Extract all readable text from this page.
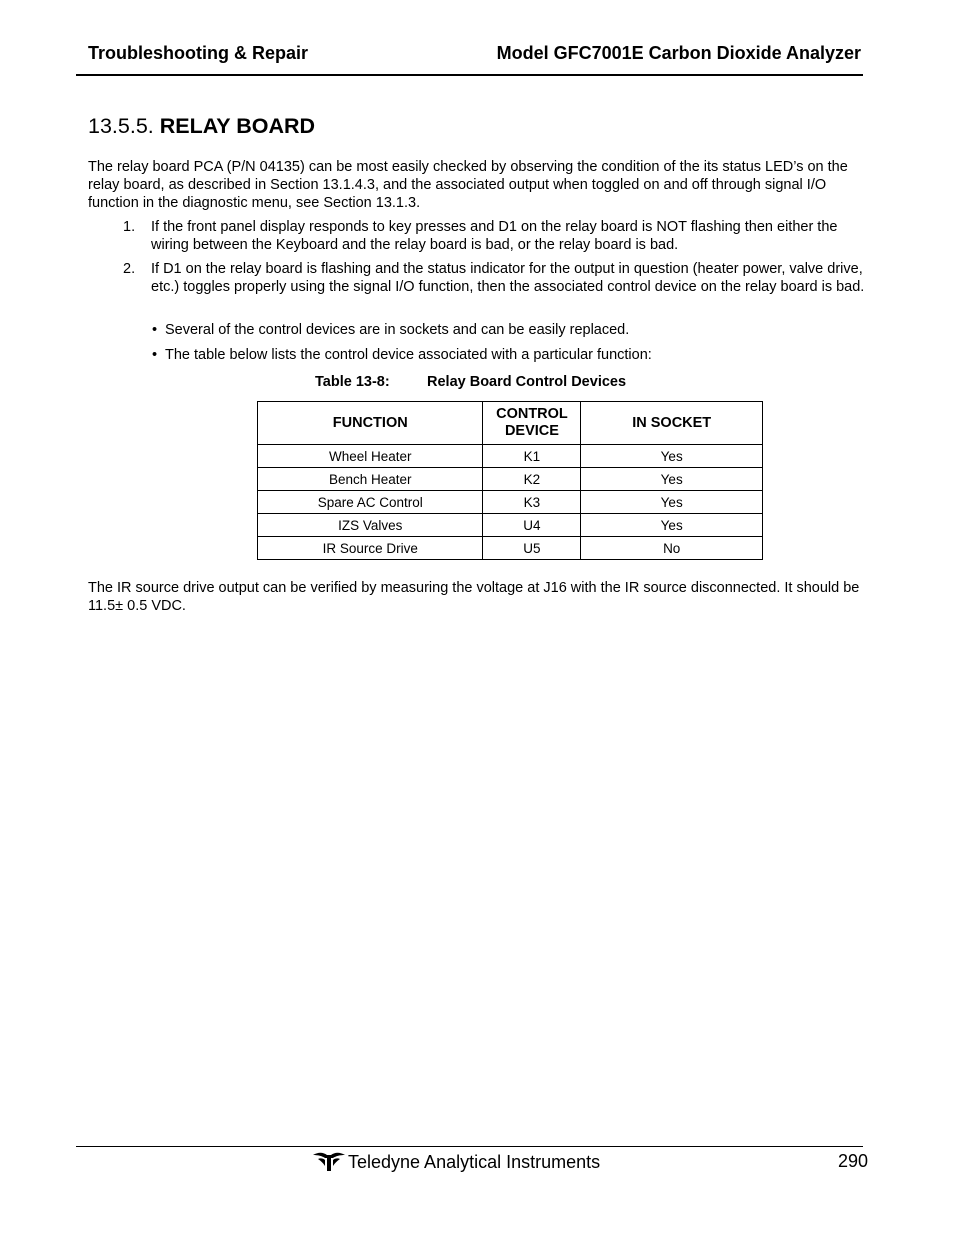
Troubleshooting & Repair	Model GFC7001E Carbon Dioxide Analyzer
13.5.5. RELAY BOARD
The relay board PCA (P/N 04135) can be most easily checked by observing the condition of the its status LED’s on the relay board, as described in Section 13.1.4.3, and the associated output when toggled on and off through signal I/O function in the diagnostic menu, see Section 13.1.3.
1. If the front panel display responds to key presses and D1 on the relay board is NOT flashing then either the wiring between the Keyboard and the relay board is bad, or the relay board is bad.
2. If D1 on the relay board is flashing and the status indicator for the output in question (heater power, valve drive, etc.) toggles properly using the signal I/O function, then the associated control device on the relay board is bad.
• Several of the control devices are in sockets and can be easily replaced.
• The table below lists the control device associated with a particular function:
Table 13-8:	Relay Board Control Devices
FUNCTION	CONTROL DEVICE	IN SOCKET
Wheel Heater	K1	Yes
Bench Heater	K2	Yes
Spare AC Control	K3	Yes
IZS Valves	U4	Yes
IR Source Drive	U5	No
The IR source drive output can be verified by measuring the voltage at J16 with the IR source disconnected. It should be 11.5± 0.5 VDC.
Teledyne Analytical Instruments	290
